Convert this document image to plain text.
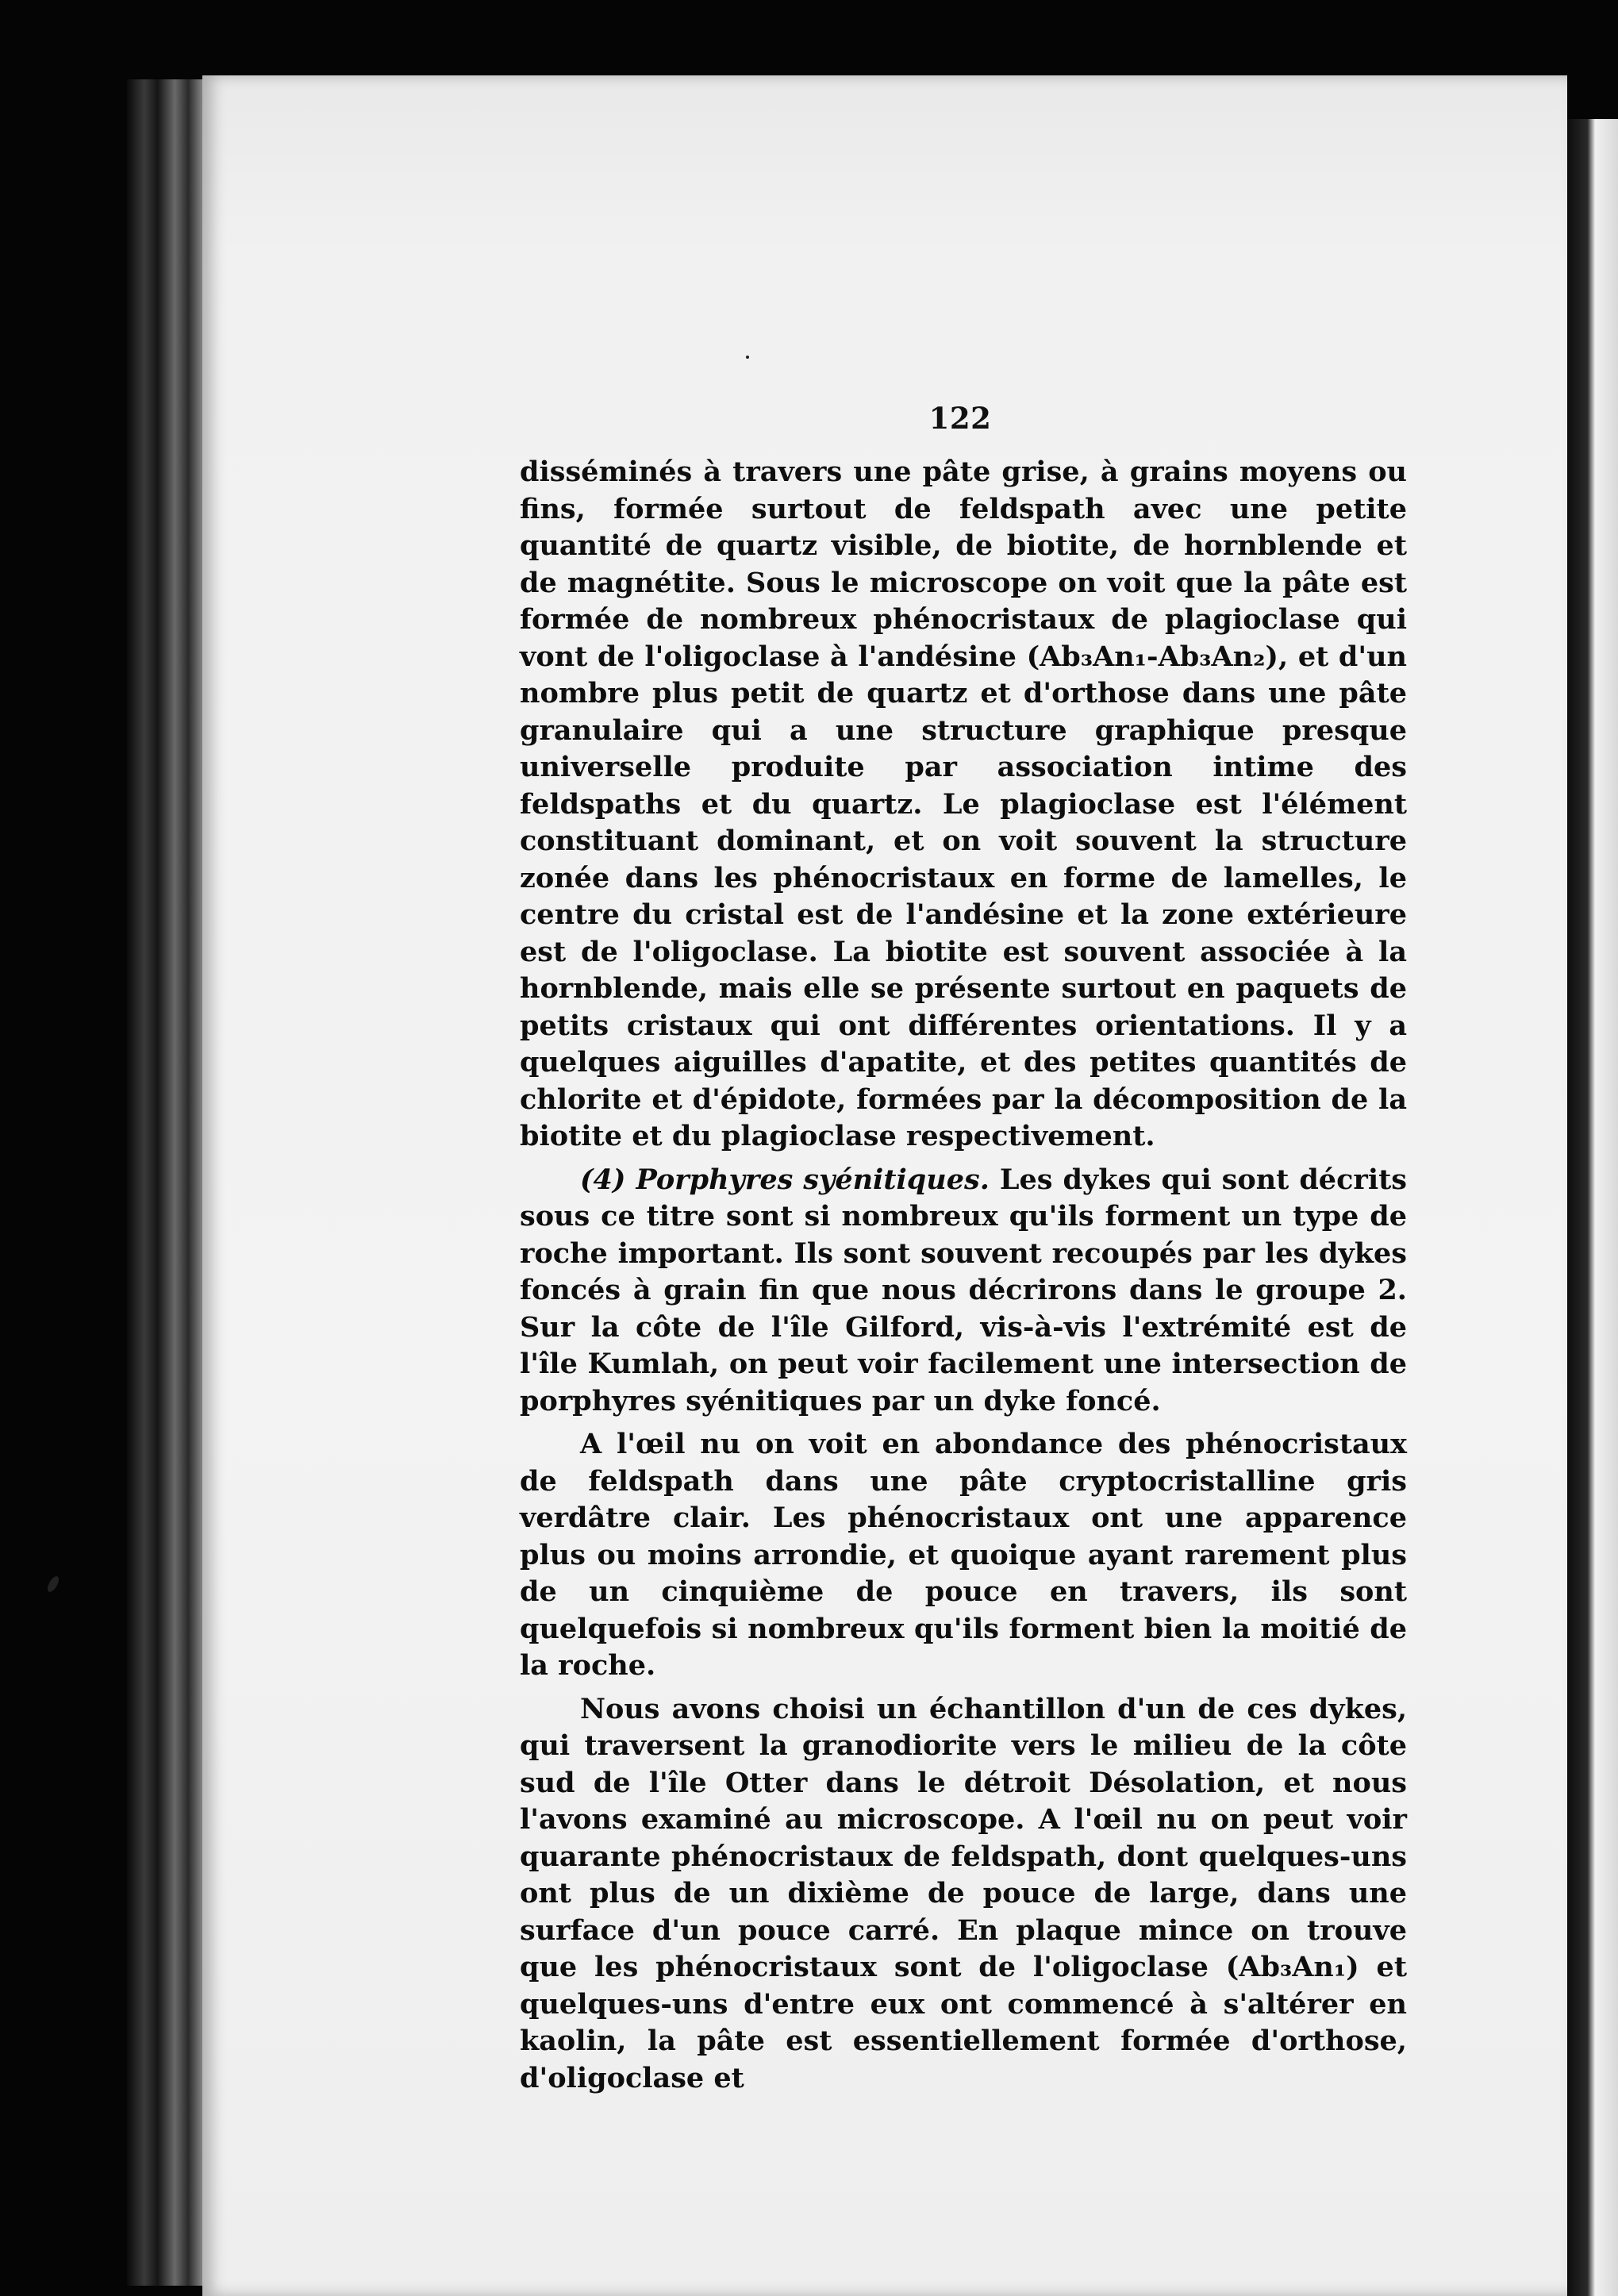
122

disséminés à travers une pâte grise, à grains moyens ou fins, formée surtout de feldspath avec une petite quantité de quartz visible, de biotite, de hornblende et de magnétite. Sous le microscope on voit que la pâte est formée de nombreux phénocristaux de plagioclase qui vont de l'oligoclase à l'andésine (Ab₃An₁-Ab₃An₂), et d'un nombre plus petit de quartz et d'orthose dans une pâte granulaire qui a une structure graphique presque universelle produite par association intime des feldspaths et du quartz. Le plagioclase est l'élément constituant dominant, et on voit souvent la structure zonée dans les phénocristaux en forme de lamelles, le centre du cristal est de l'andésine et la zone extérieure est de l'oligoclase. La biotite est souvent associée à la hornblende, mais elle se présente surtout en paquets de petits cristaux qui ont différentes orientations. Il y a quelques aiguilles d'apatite, et des petites quantités de chlorite et d'épidote, formées par la décomposition de la biotite et du plagioclase respectivement.

(4) Porphyres syénitiques. Les dykes qui sont décrits sous ce titre sont si nombreux qu'ils forment un type de roche important. Ils sont souvent recoupés par les dykes foncés à grain fin que nous décrirons dans le groupe 2. Sur la côte de l'île Gilford, vis-à-vis l'extrémité est de l'île Kumlah, on peut voir facilement une intersection de porphyres syénitiques par un dyke foncé.

A l'œil nu on voit en abondance des phénocristaux de feldspath dans une pâte cryptocristalline gris verdâtre clair. Les phénocristaux ont une apparence plus ou moins arrondie, et quoique ayant rarement plus de un cinquième de pouce en travers, ils sont quelquefois si nombreux qu'ils forment bien la moitié de la roche.

Nous avons choisi un échantillon d'un de ces dykes, qui traversent la granodiorite vers le milieu de la côte sud de l'île Otter dans le détroit Désolation, et nous l'avons examiné au microscope. A l'œil nu on peut voir quarante phénocristaux de feldspath, dont quelques-uns ont plus de un dixième de pouce de large, dans une surface d'un pouce carré. En plaque mince on trouve que les phénocristaux sont de l'oligoclase (Ab₃An₁) et quelques-uns d'entre eux ont commencé à s'altérer en kaolin, la pâte est essentiellement formée d'orthose, d'oligoclase et
